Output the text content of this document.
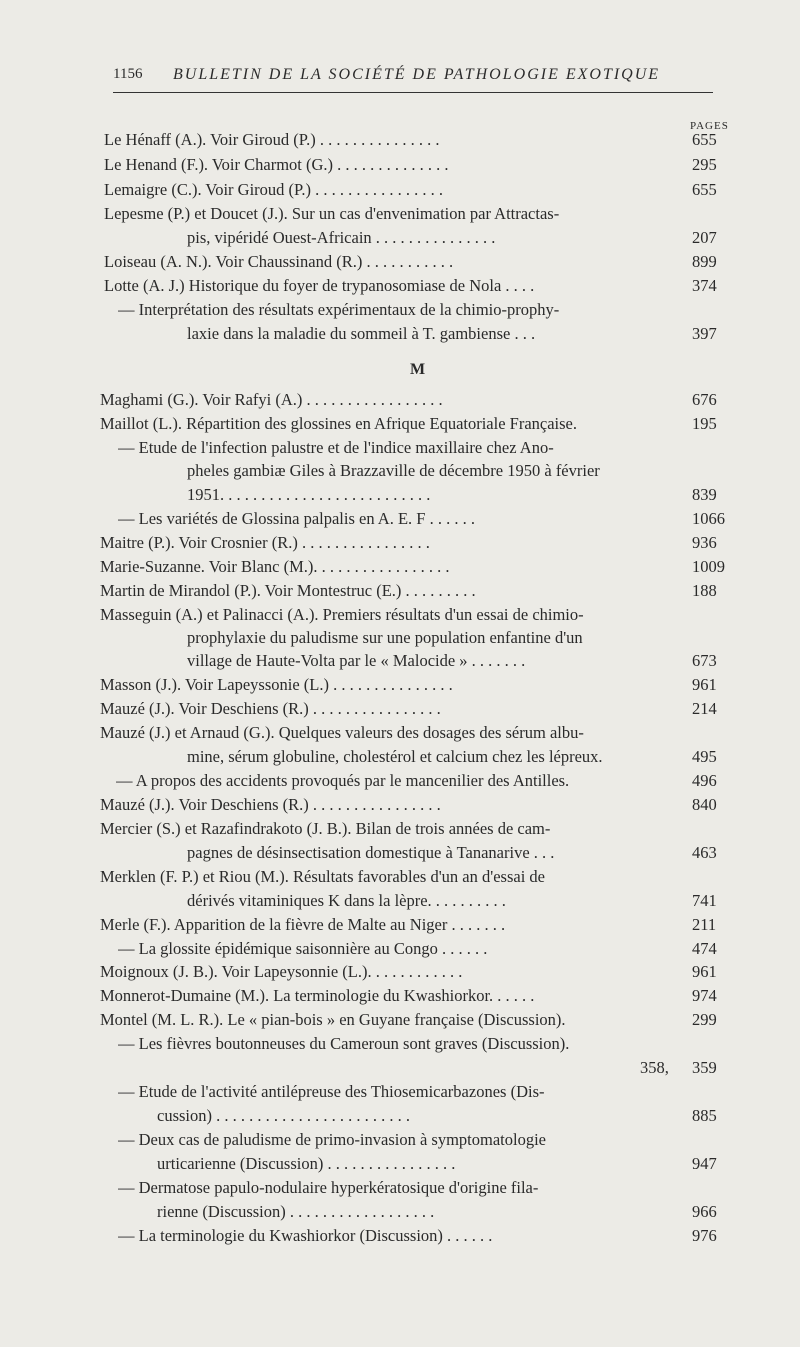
1156 BULLETIN DE LA SOCIÉTÉ DE PATHOLOGIE EXOTIQUE
PAGES
M
Le Hénaff (A.). Voir Giroud (P.) . . . . . . . . . . . . . . .	655
Le Henand (F.). Voir Charmot (G.) . . . . . . . . . . . . . .	295
Lemaigre (C.). Voir Giroud (P.) . . . . . . . . . . . . . . . .	655
Lepesme (P.) et Doucet (J.). Sur un cas d'envenimation par Attractas-
pis, vipéridé Ouest-Africain . . . . . . . . . . . . . . .	207
Loiseau (A. N.). Voir Chaussinand (R.) . . . . . . . . . . .	899
Lotte (A. J.) Historique du foyer de trypanosomiase de Nola . . . .	374
— Interprétation des résultats expérimentaux de la chimio-prophy-
laxie dans la maladie du sommeil à T. gambiense . . .	397
Maghami (G.). Voir Rafyi (A.) . . . . . . . . . . . . . . . . .	676
Maillot (L.). Répartition des glossines en Afrique Equatoriale Française.	195
— Etude de l'infection palustre et de l'indice maxillaire chez Ano-
pheles gambiæ Giles à Brazzaville de décembre 1950 à février
1951. . . . . . . . . . . . . . . . . . . . . . . . . .	839
— Les variétés de Glossina palpalis en A. E. F . . . . . .	1066
Maitre (P.). Voir Crosnier (R.) . . . . . . . . . . . . . . . .	936
Marie-Suzanne. Voir Blanc (M.). . . . . . . . . . . . . . . . .	1009
Martin de Mirandol (P.). Voir Montestruc (E.) . . . . . . . . .	188
Masseguin (A.) et Palinacci (A.). Premiers résultats d'un essai de chimio-
prophylaxie du paludisme sur une population enfantine d'un
village de Haute-Volta par le « Malocide » . . . . . . .	673
Masson (J.). Voir Lapeyssonie (L.) . . . . . . . . . . . . . . .	961
Mauzé (J.). Voir Deschiens (R.) . . . . . . . . . . . . . . . .	214
Mauzé (J.) et Arnaud (G.). Quelques valeurs des dosages des sérum albu-
mine, sérum globuline, cholestérol et calcium chez les lépreux.	495
— A propos des accidents provoqués par le mancenilier des Antilles.	496
Mauzé (J.). Voir Deschiens (R.) . . . . . . . . . . . . . . . .	840
Mercier (S.) et Razafindrakoto (J. B.). Bilan de trois années de cam-
pagnes de désinsectisation domestique à Tananarive . . .	463
Merklen (F. P.) et Riou (M.). Résultats favorables d'un an d'essai de
dérivés vitaminiques K dans la lèpre. . . . . . . . . .	741
Merle (F.). Apparition de la fièvre de Malte au Niger . . . . . . .	211
— La glossite épidémique saisonnière au Congo . . . . . .	474
Moignoux (J. B.). Voir Lapeysonnie (L.). . . . . . . . . . . .	961
Monnerot-Dumaine (M.). La terminologie du Kwashiorkor. . . . . .	974
Montel (M. L. R.). Le « pian-bois » en Guyane française (Discussion).	299
— Les fièvres boutonneuses du Cameroun sont graves (Discussion).
358,	359
— Etude de l'activité antilépreuse des Thiosemicarbazones (Dis-
cussion) . . . . . . . . . . . . . . . . . . . . . . . .	885
— Deux cas de paludisme de primo-invasion à symptomatologie
urticarienne (Discussion) . . . . . . . . . . . . . . . .	947
— Dermatose papulo-nodulaire hyperkératosique d'origine fila-
rienne (Discussion) . . . . . . . . . . . . . . . . . .	966
— La terminologie du Kwashiorkor (Discussion) . . . . . .	976
